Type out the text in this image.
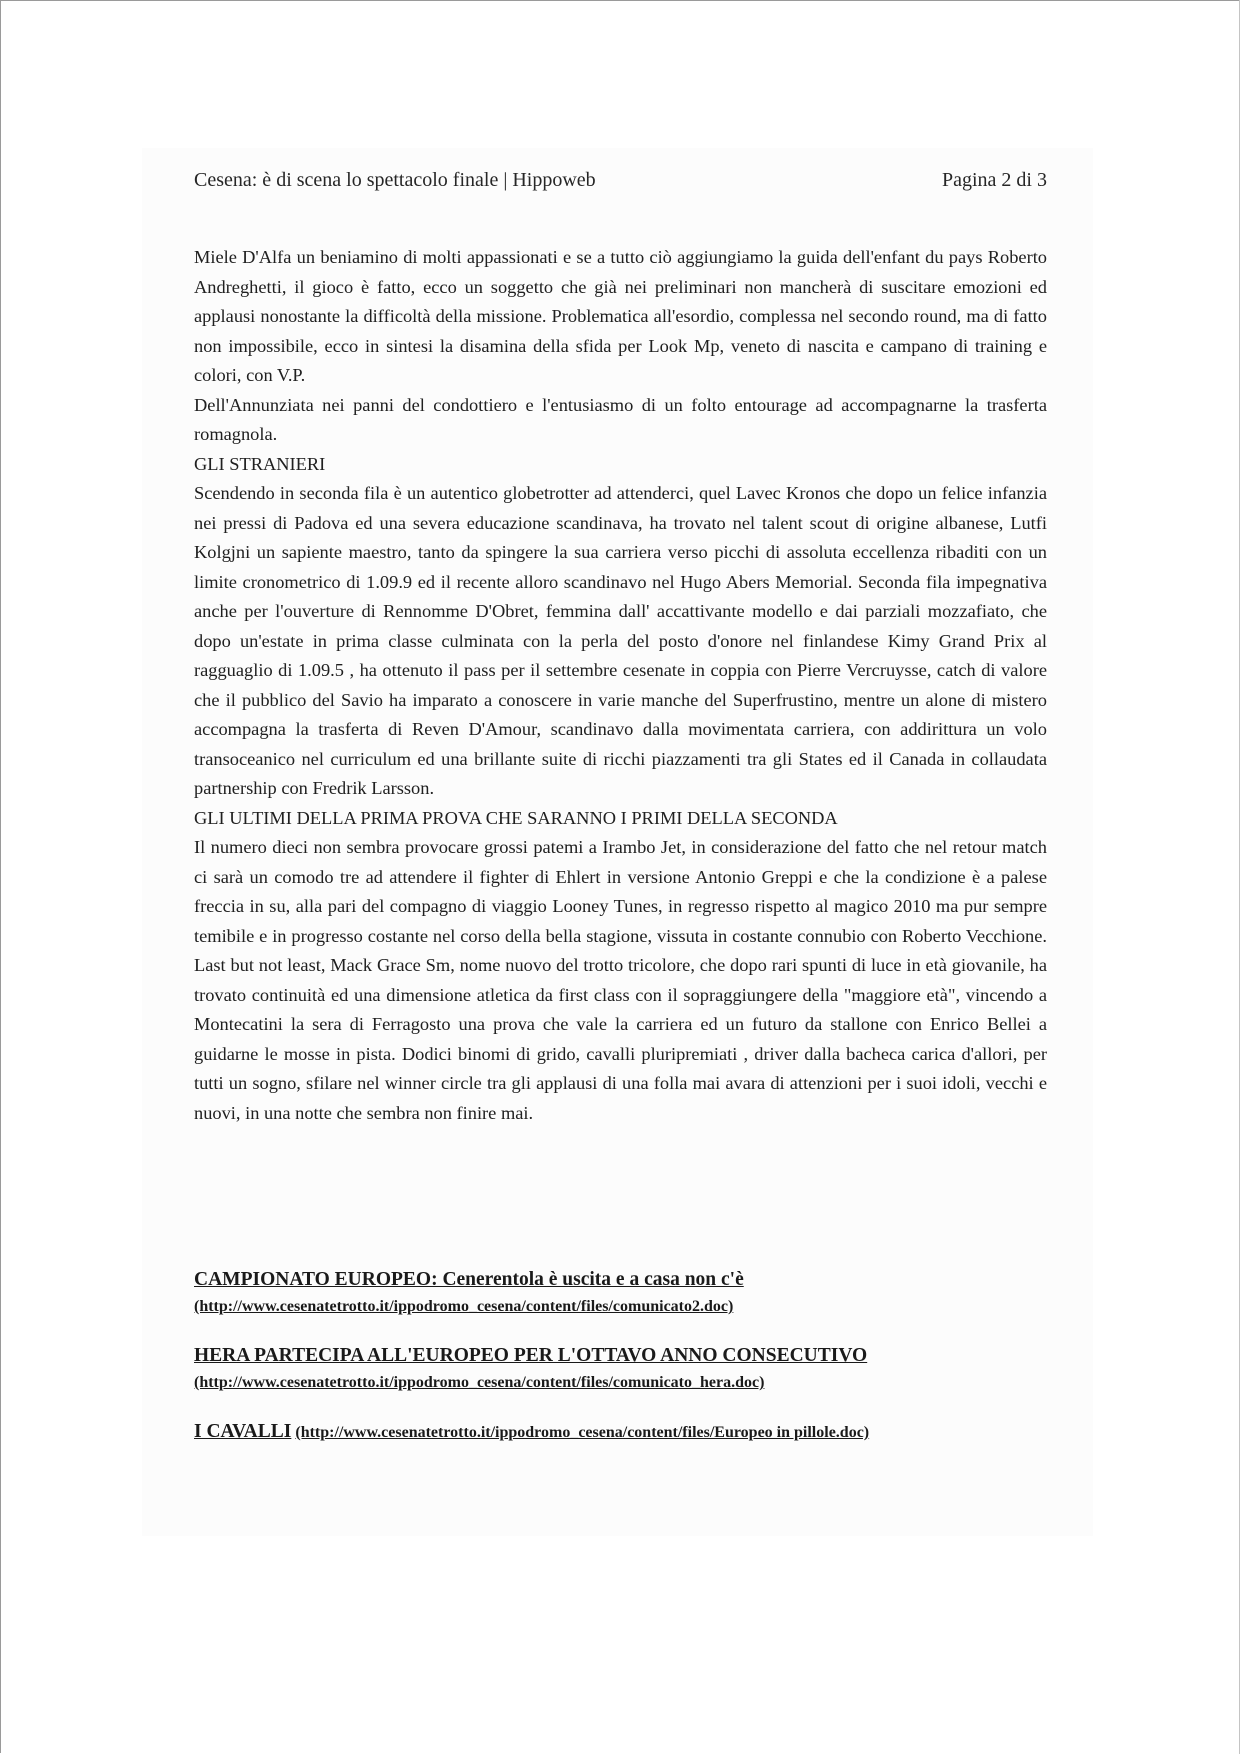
Cesena: è di scena lo spettacolo finale | Hippoweb	Pagina 2 di 3

Miele D'Alfa un beniamino di molti appassionati e se a tutto ciò aggiungiamo la guida dell'enfant du pays Roberto Andreghetti, il gioco è fatto, ecco un soggetto che già nei preliminari non mancherà di suscitare emozioni ed applausi nonostante la difficoltà della missione. Problematica all'esordio, complessa nel secondo round, ma di fatto non impossibile, ecco in sintesi la disamina della sfida per Look Mp, veneto di nascita e campano di training e colori, con V.P.

Dell'Annunziata nei panni del condottiero e l'entusiasmo di un folto entourage ad accompagnarne la trasferta romagnola.

GLI STRANIERI

Scendendo in seconda fila è un autentico globetrotter ad attenderci, quel Lavec Kronos che dopo un felice infanzia nei pressi di Padova ed una severa educazione scandinava, ha trovato nel talent scout di origine albanese, Lutfi Kolgjni un sapiente maestro, tanto da spingere la sua carriera verso picchi di assoluta eccellenza ribaditi con un limite cronometrico di 1.09.9 ed il recente alloro scandinavo nel Hugo Abers Memorial. Seconda fila impegnativa anche per l'ouverture di Rennomme D'Obret, femmina dall' accattivante modello e dai parziali mozzafiato, che dopo un'estate in prima classe culminata con la perla del posto d'onore nel finlandese Kimy Grand Prix al ragguaglio di 1.09.5 , ha ottenuto il pass per il settembre cesenate in coppia con Pierre Vercruysse, catch di valore che il pubblico del Savio ha imparato a conoscere in varie manche del Superfrustino, mentre un alone di mistero accompagna la trasferta di Reven D'Amour, scandinavo dalla movimentata carriera, con addirittura un volo transoceanico nel curriculum ed una brillante suite di ricchi piazzamenti tra gli States ed il Canada in collaudata partnership con Fredrik Larsson.

GLI ULTIMI DELLA PRIMA PROVA CHE SARANNO I PRIMI DELLA SECONDA

Il numero dieci non sembra provocare grossi patemi a Irambo Jet, in considerazione del fatto che nel retour match ci sarà un comodo tre ad attendere il fighter di Ehlert in versione Antonio Greppi e che la condizione è a palese freccia in su, alla pari del compagno di viaggio Looney Tunes, in regresso rispetto al magico 2010 ma pur sempre temibile e in progresso costante nel corso della bella stagione, vissuta in costante connubio con Roberto Vecchione. Last but not least, Mack Grace Sm, nome nuovo del trotto tricolore, che dopo rari spunti di luce in età giovanile, ha trovato continuità ed una dimensione atletica da first class con il sopraggiungere della "maggiore età", vincendo a Montecatini la sera di Ferragosto una prova che vale la carriera ed un futuro da stallone con Enrico Bellei a guidarne le mosse in pista. Dodici binomi di grido, cavalli pluripremiati , driver dalla bacheca carica d'allori, per tutti un sogno, sfilare nel winner circle tra gli applausi di una folla mai avara di attenzioni per i suoi idoli, vecchi e nuovi, in una notte che sembra non finire mai.

CAMPIONATO EUROPEO: Cenerentola è uscita e a casa non c'è
(http://www.cesenatetrotto.it/ippodromo_cesena/content/files/comunicato2.doc)
HERA PARTECIPA ALL'EUROPEO PER L'OTTAVO ANNO CONSECUTIVO
(http://www.cesenatetrotto.it/ippodromo_cesena/content/files/comunicato_hera.doc)
I CAVALLI (http://www.cesenatetrotto.it/ippodromo_cesena/content/files/Europeo in pillole.doc)
